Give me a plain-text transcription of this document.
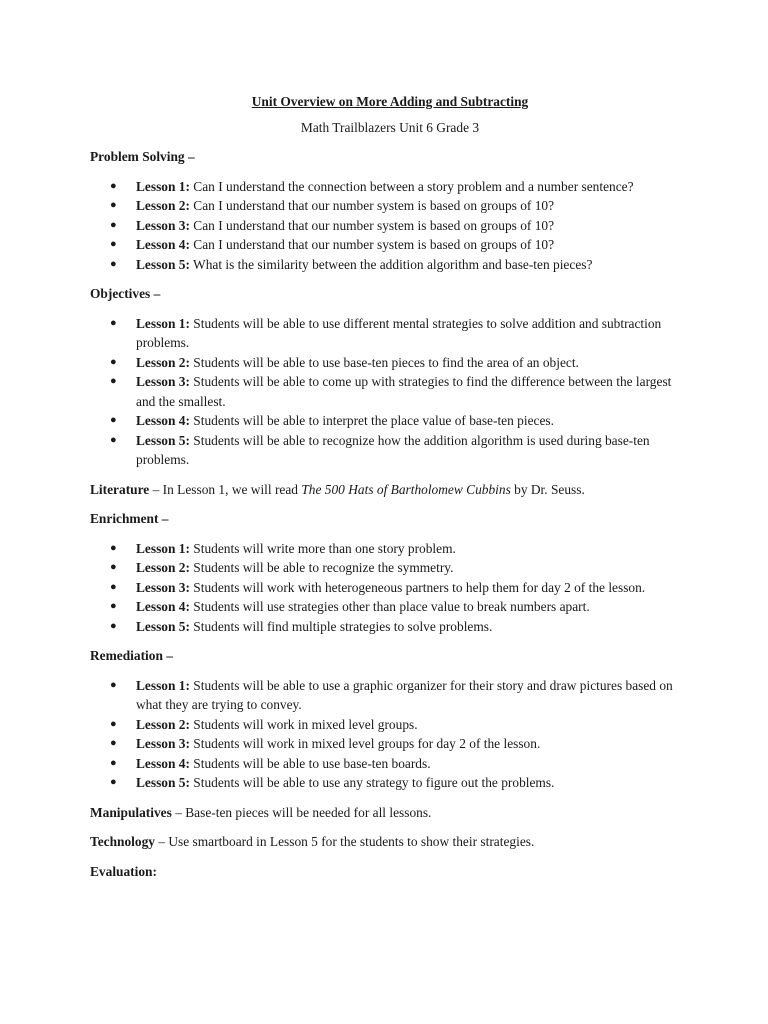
Unit Overview on More Adding and Subtracting

Math Trailblazers Unit 6 Grade 3

Problem Solving –

● Lesson 1: Can I understand the connection between a story problem and a number sentence?
● Lesson 2: Can I understand that our number system is based on groups of 10?
● Lesson 3: Can I understand that our number system is based on groups of 10?
● Lesson 4: Can I understand that our number system is based on groups of 10?
● Lesson 5: What is the similarity between the addition algorithm and base-ten pieces?

Objectives –

● Lesson 1: Students will be able to use different mental strategies to solve addition and subtraction problems.
● Lesson 2: Students will be able to use base-ten pieces to find the area of an object.
● Lesson 3: Students will be able to come up with strategies to find the difference between the largest and the smallest.
● Lesson 4: Students will be able to interpret the place value of base-ten pieces.
● Lesson 5: Students will be able to recognize how the addition algorithm is used during base-ten problems.

Literature – In Lesson 1, we will read The 500 Hats of Bartholomew Cubbins by Dr. Seuss.

Enrichment –

● Lesson 1: Students will write more than one story problem.
● Lesson 2: Students will be able to recognize the symmetry.
● Lesson 3: Students will work with heterogeneous partners to help them for day 2 of the lesson.
● Lesson 4: Students will use strategies other than place value to break numbers apart.
● Lesson 5: Students will find multiple strategies to solve problems.

Remediation –

● Lesson 1: Students will be able to use a graphic organizer for their story and draw pictures based on what they are trying to convey.
● Lesson 2: Students will work in mixed level groups.
● Lesson 3: Students will work in mixed level groups for day 2 of the lesson.
● Lesson 4: Students will be able to use base-ten boards.
● Lesson 5: Students will be able to use any strategy to figure out the problems.

Manipulatives – Base-ten pieces will be needed for all lessons.

Technology – Use smartboard in Lesson 5 for the students to show their strategies.

Evaluation:
